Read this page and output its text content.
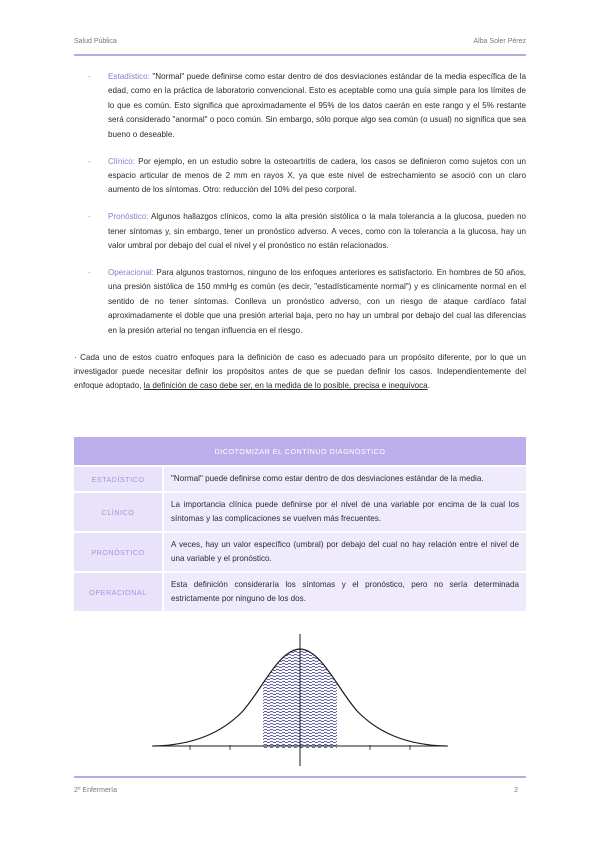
Salud Pública	Alba Soler Pérez
- Estadístico: "Normal" puede definirse como estar dentro de dos desviaciones estándar de la media específica de la edad, como en la práctica de laboratorio convencional. Esto es aceptable como una guía simple para los límites de lo que es común. Esto significa que aproximadamente el 95% de los datos caerán en este rango y el 5% restante será considerado "anormal" o poco común. Sin embargo, sólo porque algo sea común (o usual) no significa que sea bueno o deseable.
- Clínico: Por ejemplo, en un estudio sobre la osteoartritis de cadera, los casos se definieron como sujetos con un espacio articular de menos de 2 mm en rayos X, ya que este nivel de estrechamiento se asoció con un claro aumento de los síntomas. Otro: reducción del 10% del peso corporal.
- Pronóstico: Algunos hallazgos clínicos, como la alta presión sistólica o la mala tolerancia a la glucosa, pueden no tener síntomas y, sin embargo, tener un pronóstico adverso. A veces, como con la tolerancia a la glucosa, hay un valor umbral por debajo del cual el nivel y el pronóstico no están relacionados.
- Operacional: Para algunos trastornos, ninguno de los enfoques anteriores es satisfactorio. En hombres de 50 años, una presión sistólica de 150 mmHg es común (es decir, "estadísticamente normal") y es clínicamente normal en el sentido de no tener síntomas. Conlleva un pronóstico adverso, con un riesgo de ataque cardíaco fatal aproximadamente el doble que una presión arterial baja, pero no hay un umbral por debajo del cual las diferencias en la presión arterial no tengan influencia en el riesgo.
· Cada uno de estos cuatro enfoques para la definición de caso es adecuado para un propósito diferente, por lo que un investigador puede necesitar definir los propósitos antes de que se puedan definir los casos. Independientemente del enfoque adoptado, la definición de caso debe ser, en la medida de lo posible, precisa e inequívoca.
DICOTOMIZAR EL CONTÍNUO DIAGNÓSTICO	
ESTADÍSTICO	"Normal" puede definirse como estar dentro de dos desviaciones estándar de la media.
CLÍNICO	La importancia clínica puede definirse por el nivel de una variable por encima de la cual los síntomas y las complicaciones se vuelven más frecuentes.
PRONÓSTICO	A veces, hay un valor específico (umbral) por debajo del cual no hay relación entre el nivel de una variable y el pronóstico.
OPERACIONAL	Esta definición consideraría los síntomas y el pronóstico, pero no sería determinada estrictamente por ninguno de los dos.
2º Enfermería	2
